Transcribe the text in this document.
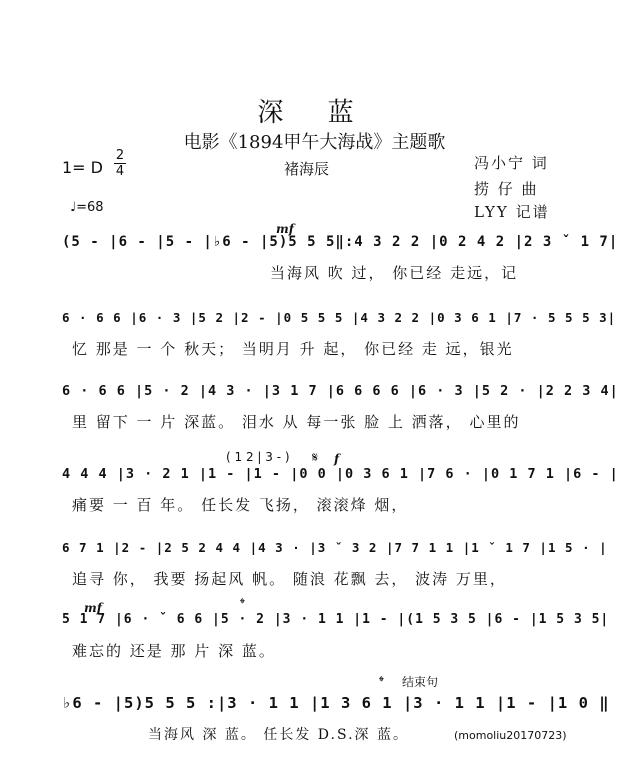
深 蓝
电影《1894甲午大海战》主题歌
1= D
2
4	褚海辰	冯小宁 词
捞 仔 曲
LYY 记谱
♩=68
mf
(5 - |6 - |5 - |♭6 - |5)5 5 5‖:4 3 2 2 |0 2 4 2 |2 3 ˇ 1 7|
当海风 吹 过， 你已经 走远，记
6 · 6 6 |6 · 3 |5 2 |2 - |0 5 5 5 |4 3 2 2 |0 3 6 1 |7 · 5 5 5 3|
忆 那是 一 个 秋天； 当明月 升 起， 你已经 走 远，银光
6 · 6 6 |5 · 2 |4 3 · |3 1 7 |6 6 6 6 |6 · 3 |5 2 · |2 2 3 4|
里 留下 一 片 深蓝。 泪水 从 每一张 脸 上 洒落， 心里的
( 1 2 | 3 - ) 𝄋 f
4 4 4 |3 · 2 1 |1 - |1 - |0 0 |0 3 6 1 |7 6 · |0 1 7 1 |6 - |
痛要 一 百 年。 任长发 飞扬， 滚滚烽 烟，
6 7 1 |2 - |2 5 2 4 4 |4 3 · |3 ˇ 3 2 |7 7 1 1 |1 ˇ 1 7 |1 5 · |
追寻 你， 我要 扬起风 帆。 随浪 花飘 去， 波涛 万里，
mf	𝄌
5 1 7 |6 · ˇ 6 6 |5 · 2 |3 · 1 1 |1 - |(1 5 3 5 |6 - |1 5 3 5|
难忘的 还是 那 片 深 蓝。
结束句
𝄌
♭6 - |5)5 5 5 :|3 · 1 1 |1 3 6 1 |3 · 1 1 |1 - |1 0 ‖
当海风 深 蓝。 任长发 D.S.深 蓝。	(momoliu20170723)
